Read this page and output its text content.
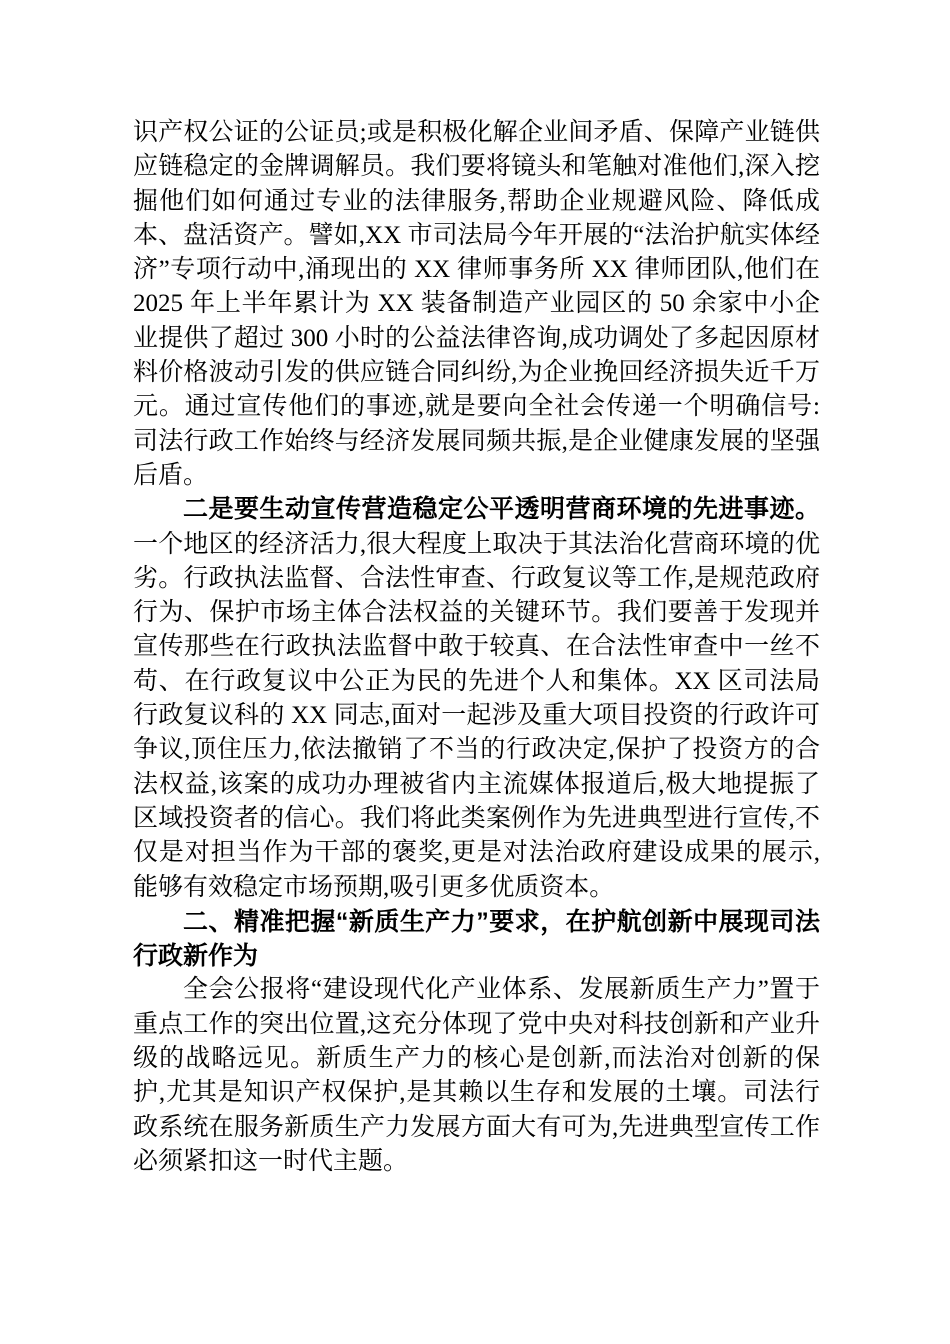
识产权公证的公证员;或是积极化解企业间矛盾、保障产业链供应链稳定的金牌调解员。我们要将镜头和笔触对准他们,深入挖掘他们如何通过专业的法律服务,帮助企业规避风险、降低成本、盘活资产。譬如,XX 市司法局今年开展的“法治护航实体经济”专项行动中,涌现出的 XX 律师事务所 XX 律师团队,他们在 2025 年上半年累计为 XX 装备制造产业园区的 50 余家中小企业提供了超过 300 小时的公益法律咨询,成功调处了多起因原材料价格波动引发的供应链合同纠纷,为企业挽回经济损失近千万元。通过宣传他们的事迹,就是要向全社会传递一个明确信号:司法行政工作始终与经济发展同频共振,是企业健康发展的坚强后盾。

二是要生动宣传营造稳定公平透明营商环境的先进事迹。一个地区的经济活力,很大程度上取决于其法治化营商环境的优劣。行政执法监督、合法性审查、行政复议等工作,是规范政府行为、保护市场主体合法权益的关键环节。我们要善于发现并宣传那些在行政执法监督中敢于较真、在合法性审查中一丝不苟、在行政复议中公正为民的先进个人和集体。XX 区司法局行政复议科的 XX 同志,面对一起涉及重大项目投资的行政许可争议,顶住压力,依法撤销了不当的行政决定,保护了投资方的合法权益,该案的成功办理被省内主流媒体报道后,极大地提振了区域投资者的信心。我们将此类案例作为先进典型进行宣传,不仅是对担当作为干部的褒奖,更是对法治政府建设成果的展示,能够有效稳定市场预期,吸引更多优质资本。

二、精准把握“新质生产力”要求，在护航创新中展现司法行政新作为

全会公报将“建设现代化产业体系、发展新质生产力”置于重点工作的突出位置,这充分体现了党中央对科技创新和产业升级的战略远见。新质生产力的核心是创新,而法治对创新的保护,尤其是知识产权保护,是其赖以生存和发展的土壤。司法行政系统在服务新质生产力发展方面大有可为,先进典型宣传工作必须紧扣这一时代主题。
